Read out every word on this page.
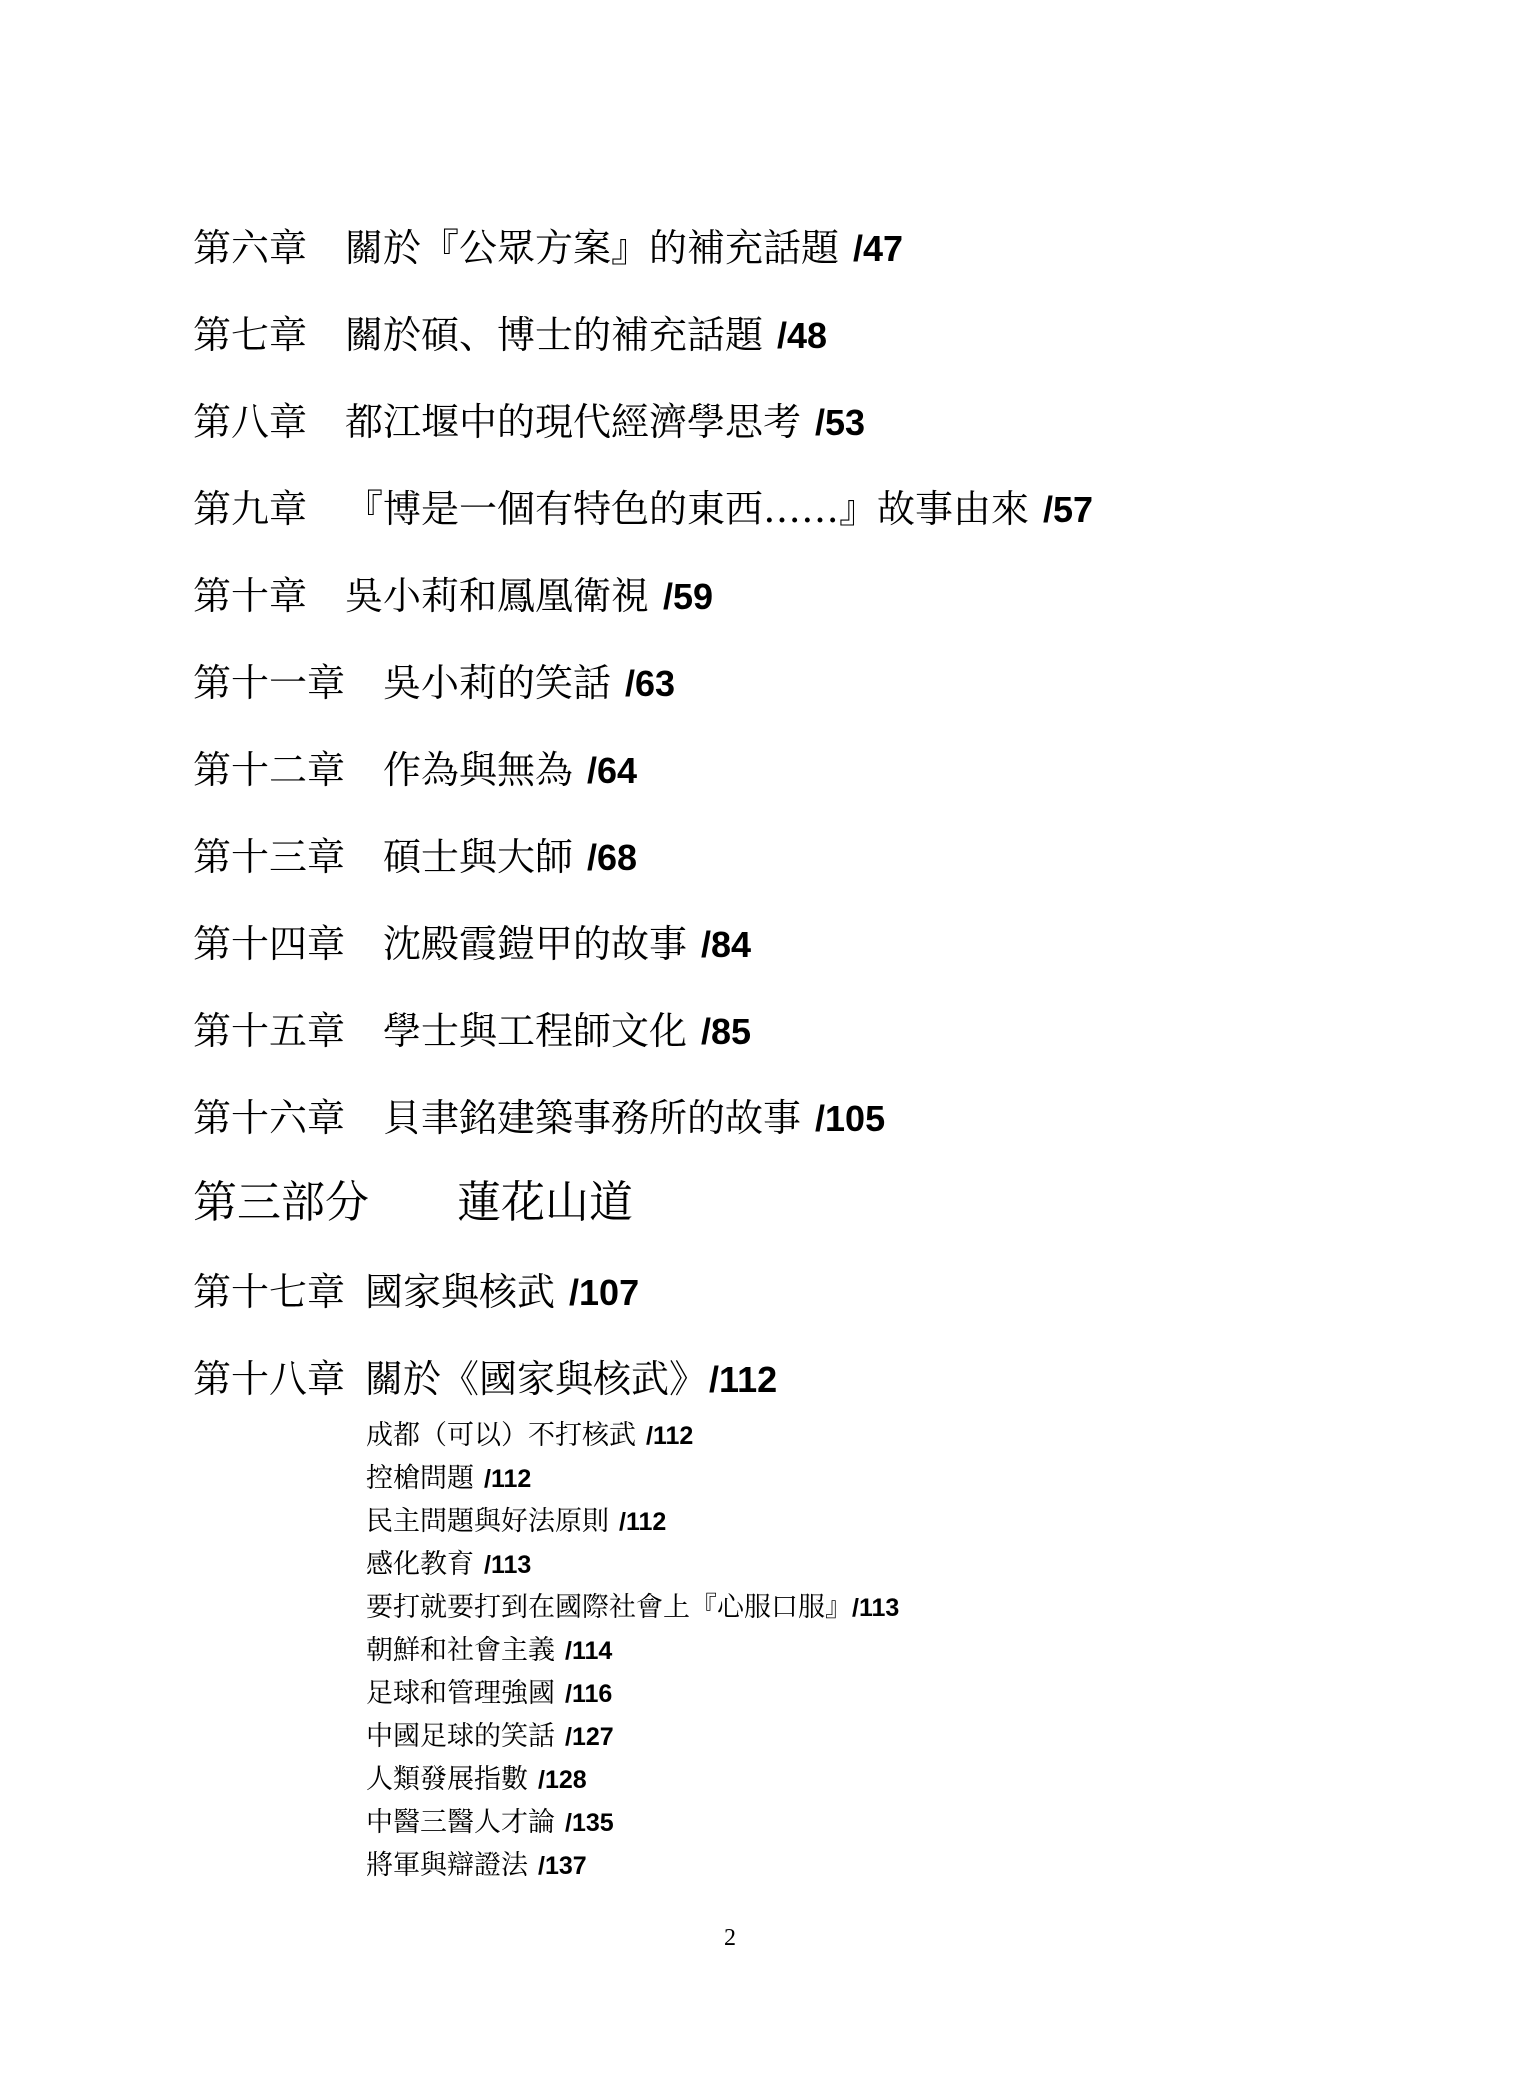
第六章 關於『公眾方案』的補充話題 /47
第七章 關於碩、博士的補充話題 /48
第八章 都江堰中的現代經濟學思考 /53
第九章 『博是一個有特色的東西……』故事由來 /57
第十章 吳小莉和鳳凰衛視 /59
第十一章 吳小莉的笑話 /63
第十二章 作為與無為 /64
第十三章 碩士與大師 /68
第十四章 沈殿霞鎧甲的故事 /84
第十五章 學士與工程師文化 /85
第十六章 貝聿銘建築事務所的故事 /105
第三部分 蓮花山道
第十七章 國家與核武 /107
第十八章 關於《國家與核武》/112
成都（可以）不打核武 /112
控槍問題 /112
民主問題與好法原則 /112
感化教育 /113
要打就要打到在國際社會上『心服口服』/113
朝鮮和社會主義 /114
足球和管理強國 /116
中國足球的笑話 /127
人類發展指數 /128
中醫三醫人才論 /135
將軍與辯證法 /137
2
